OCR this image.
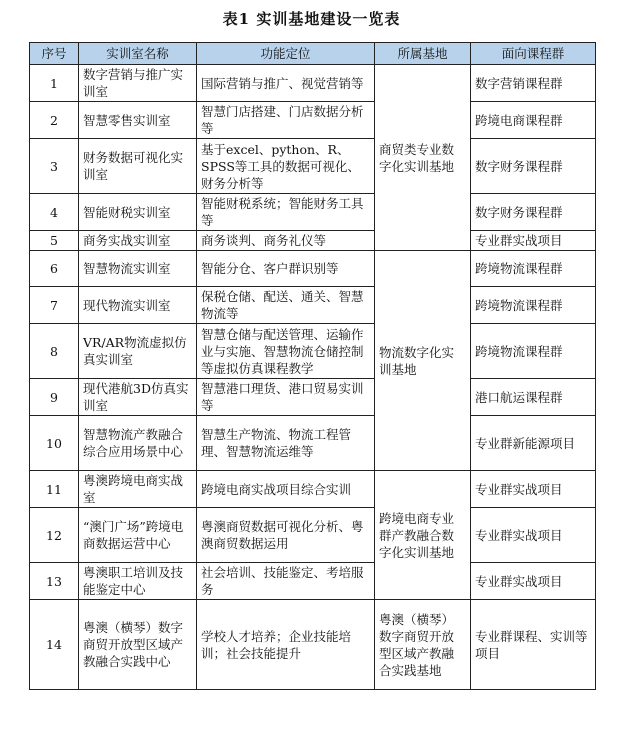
表1 实训基地建设一览表
序号	实训室名称	功能定位	所属基地	面向课程群
1	数字营销与推广实训室	国际营销与推广、视觉营销等	商贸类专业数字化实训基地	数字营销课程群
2	智慧零售实训室	智慧门店搭建、门店数据分析等		跨境电商课程群
3	财务数据可视化实训室	基于excel、python、R、SPSS等工具的数据可视化、财务分析等		数字财务课程群
4	智能财税实训室	智能财税系统；智能财务工具等		数字财务课程群
5	商务实战实训室	商务谈判、商务礼仪等		专业群实战项目
6	智慧物流实训室	智能分仓、客户群识别等	物流数字化实训基地	跨境物流课程群
7	现代物流实训室	保税仓储、配送、通关、智慧物流等		跨境物流课程群
8	VR/AR物流虚拟仿真实训室	智慧仓储与配送管理、运输作业与实施、智慧物流仓储控制等虚拟仿真课程教学		跨境物流课程群
9	现代港航3D仿真实训室	智慧港口理货、港口贸易实训等		港口航运课程群
10	智慧物流产教融合综合应用场景中心	智慧生产物流、物流工程管理、智慧物流运维等		专业群新能源项目
11	粤澳跨境电商实战室	跨境电商实战项目综合实训	跨境电商专业群产教融合数字化实训基地	专业群实战项目
12	“澳门广场”跨境电商数据运营中心	粤澳商贸数据可视化分析、粤澳商贸数据运用		专业群实战项目
13	粤澳职工培训及技能鉴定中心	社会培训、技能鉴定、考培服务		专业群实战项目
14	粤澳（横琴）数字商贸开放型区域产教融合实践中心	学校人才培养；企业技能培训；社会技能提升	粤澳（横琴）数字商贸开放型区域产教融合实践基地	专业群课程、实训等项目
